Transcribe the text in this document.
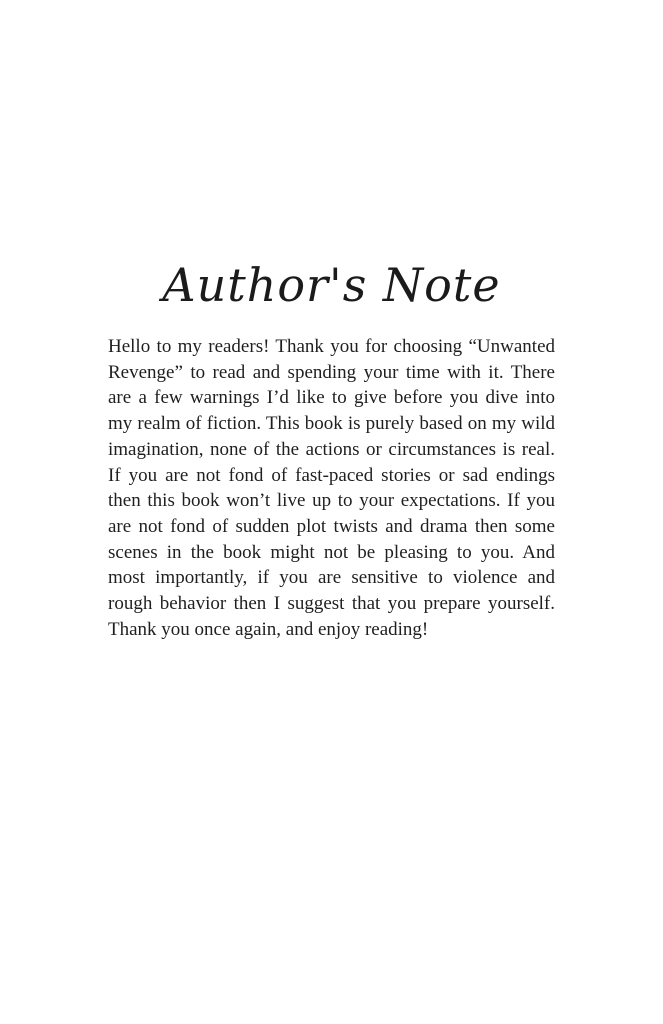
Author's Note

Hello to my readers! Thank you for choosing “Unwanted
Revenge” to read and spending your time with it. There
are a few warnings I’d like to give before you dive into
my realm of fiction. This book is purely based on my wild
imagination, none of the actions or circumstances is real.
If you are not fond of fast-paced stories or sad endings
then this book won’t live up to your expectations. If you
are not fond of sudden plot twists and drama then some
scenes in the book might not be pleasing to you. And
most importantly, if you are sensitive to violence and
rough behavior then I suggest that you prepare yourself.
Thank you once again, and enjoy reading!
